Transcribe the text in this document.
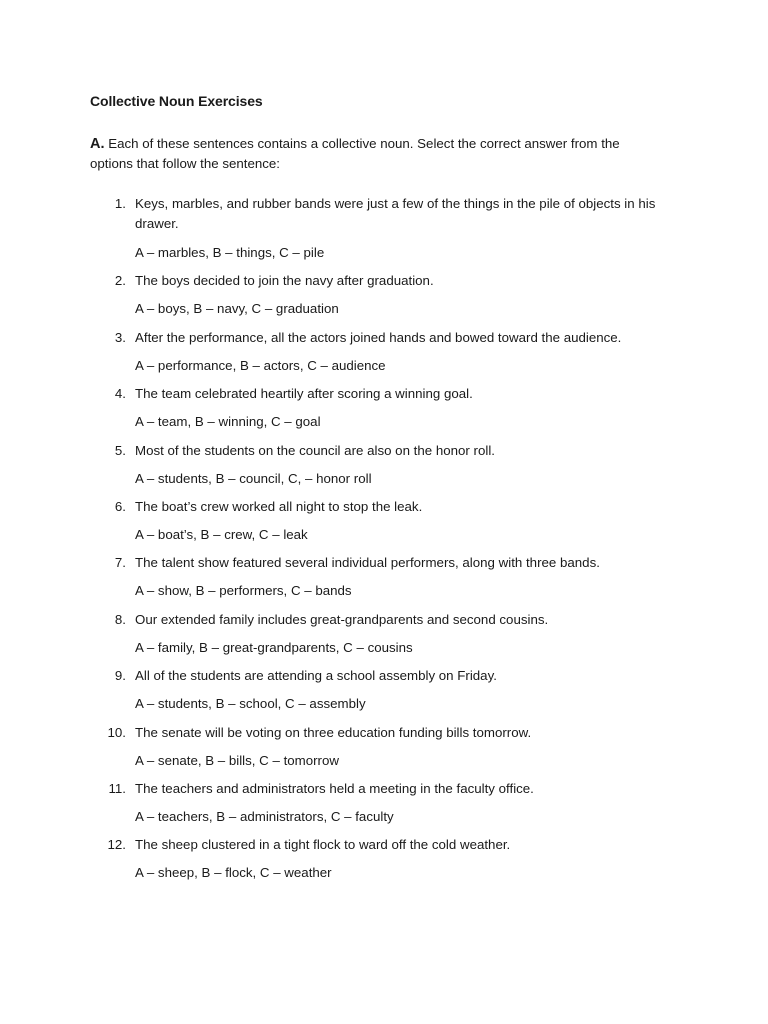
Collective Noun Exercises
A. Each of these sentences contains a collective noun. Select the correct answer from the options that follow the sentence:
1. Keys, marbles, and rubber bands were just a few of the things in the pile of objects in his drawer.
A – marbles, B – things, C – pile
2. The boys decided to join the navy after graduation.
A – boys, B – navy, C – graduation
3. After the performance, all the actors joined hands and bowed toward the audience.
A – performance, B – actors, C – audience
4. The team celebrated heartily after scoring a winning goal.
A – team, B – winning, C – goal
5. Most of the students on the council are also on the honor roll.
A – students, B – council, C, – honor roll
6. The boat’s crew worked all night to stop the leak.
A – boat’s, B – crew, C – leak
7. The talent show featured several individual performers, along with three bands.
A – show, B – performers, C – bands
8. Our extended family includes great-grandparents and second cousins.
A – family, B – great-grandparents, C – cousins
9. All of the students are attending a school assembly on Friday.
A – students, B – school, C – assembly
10. The senate will be voting on three education funding bills tomorrow.
A – senate, B – bills, C – tomorrow
11. The teachers and administrators held a meeting in the faculty office.
A – teachers, B – administrators, C – faculty
12. The sheep clustered in a tight flock to ward off the cold weather.
A – sheep, B – flock, C – weather
